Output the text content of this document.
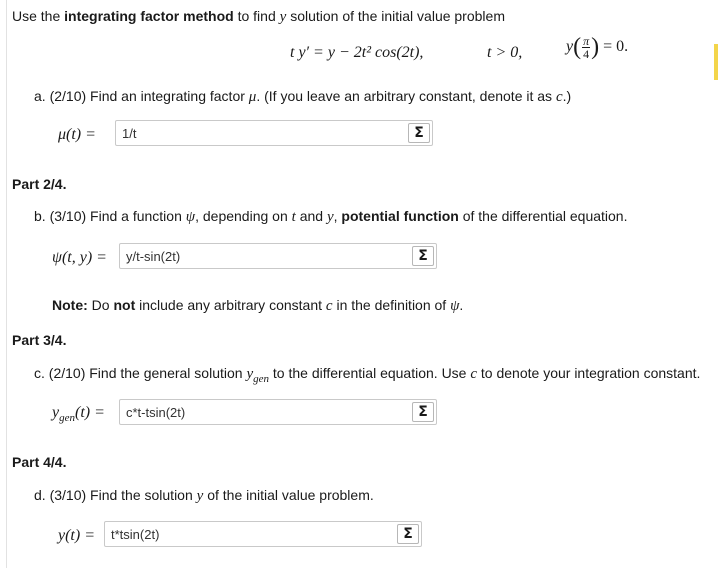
Use the integrating factor method to find y solution of the initial value problem
t y′ = y − 2t² cos(2t),	t > 0,	$y( \frac{\pi}{4}$ ) = 0.
a. (2/10) Find an integrating factor μ. (If you leave an arbitrary constant, denote it as c.)
μ(t) = 1/t	Σ
Part 2/4.
b. (3/10) Find a function ψ, depending on t and y, potential function of the differential equation.
ψ(t, y) = y/t-sin(2t)	Σ
Note: Do not include any arbitrary constant c in the definition of ψ.
Part 3/4.
c. (2/10) Find the general solution $y_{gen}$ to the differential equation. Use c to denote your integration constant.
$y_{gen}(t) = c*t-tsin(2t)$	Σ
Part 4/4.
d. (3/10) Find the solution y of the initial value problem.
y(t) = t*tsin(2t)	Σ
